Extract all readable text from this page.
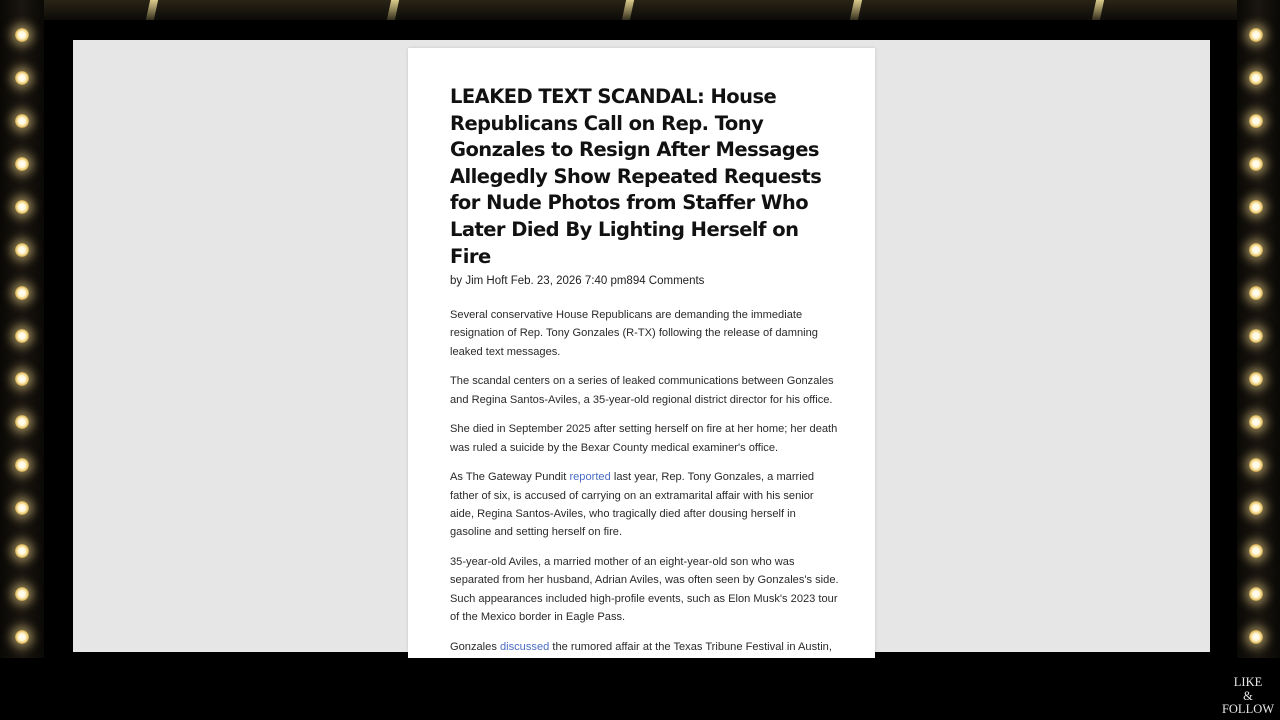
LEAKED TEXT SCANDAL: House Republicans Call on Rep. Tony Gonzales to Resign After Messages Allegedly Show Repeated Requests for Nude Photos from Staffer Who Later Died By Lighting Herself on Fire

by Jim Hoft Feb. 23, 2026 7:40 pm894 Comments

Several conservative House Republicans are demanding the immediate resignation of Rep. Tony Gonzales (R-TX) following the release of damning leaked text messages.

The scandal centers on a series of leaked communications between Gonzales and Regina Santos-Aviles, a 35-year-old regional district director for his office.

She died in September 2025 after setting herself on fire at her home; her death was ruled a suicide by the Bexar County medical examiner's office.

As The Gateway Pundit reported last year, Rep. Tony Gonzales, a married father of six, is accused of carrying on an extramarital affair with his senior aide, Regina Santos-Aviles, who tragically died after dousing herself in gasoline and setting herself on fire.

35-year-old Aviles, a married mother of an eight-year-old son who was separated from her husband, Adrian Aviles, was often seen by Gonzales's side. Such appearances included high-profile events, such as Elon Musk's 2023 tour of the Mexico border in Eagle Pass.

Gonzales discussed the rumored affair at the Texas Tribune Festival in Austin,

LIKE
&
FOLLOW
